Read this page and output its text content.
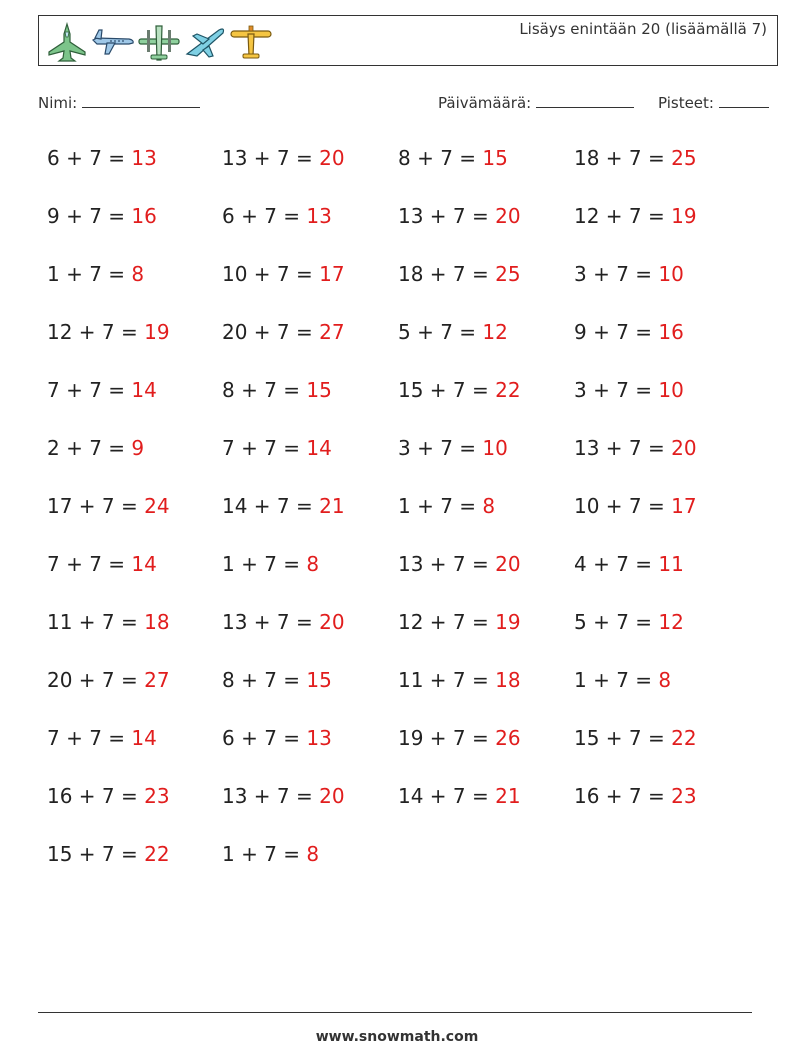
Lisäys enintään 20 (lisäämällä 7)
Nimi:	Päivämäärä:	Pisteet:
6 + 7 = 13	13 + 7 = 20	8 + 7 = 15	18 + 7 = 25
9 + 7 = 16	6 + 7 = 13	13 + 7 = 20	12 + 7 = 19
1 + 7 = 8	10 + 7 = 17	18 + 7 = 25	3 + 7 = 10
12 + 7 = 19	20 + 7 = 27	5 + 7 = 12	9 + 7 = 16
7 + 7 = 14	8 + 7 = 15	15 + 7 = 22	3 + 7 = 10
2 + 7 = 9	7 + 7 = 14	3 + 7 = 10	13 + 7 = 20
17 + 7 = 24	14 + 7 = 21	1 + 7 = 8	10 + 7 = 17
7 + 7 = 14	1 + 7 = 8	13 + 7 = 20	4 + 7 = 11
11 + 7 = 18	13 + 7 = 20	12 + 7 = 19	5 + 7 = 12
20 + 7 = 27	8 + 7 = 15	11 + 7 = 18	1 + 7 = 8
7 + 7 = 14	6 + 7 = 13	19 + 7 = 26	15 + 7 = 22
16 + 7 = 23	13 + 7 = 20	14 + 7 = 21	16 + 7 = 23
15 + 7 = 22	1 + 7 = 8
www.snowmath.com
